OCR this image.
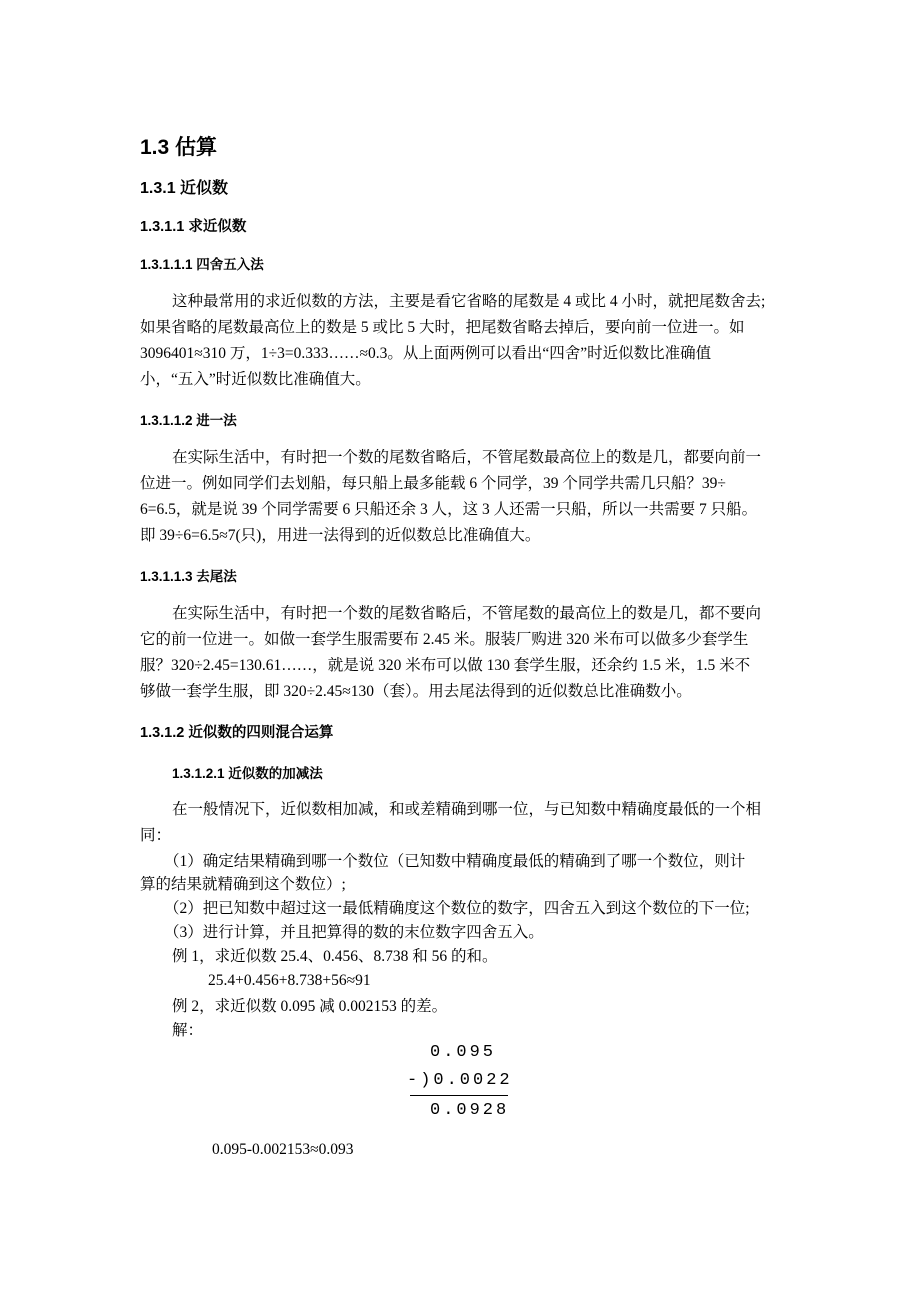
1.3 估算
1.3.1 近似数
1.3.1.1 求近似数
1.3.1.1.1 四舍五入法
这种最常用的求近似数的方法，主要是看它省略的尾数是 4 或比 4 小时，就把尾数舍去;
如果省略的尾数最高位上的数是 5 或比 5 大时，把尾数省略去掉后，要向前一位进一。如
3096401≈310 万，1÷3=0.333……≈0.3。从上面两例可以看出“四舍”时近似数比准确值
小，“五入”时近似数比准确值大。
1.3.1.1.2 进一法
在实际生活中，有时把一个数的尾数省略后，不管尾数最高位上的数是几，都要向前一
位进一。例如同学们去划船，每只船上最多能载 6 个同学，39 个同学共需几只船？39÷
6=6.5，就是说 39 个同学需要 6 只船还余 3 人，这 3 人还需一只船，所以一共需要 7 只船。
即 39÷6=6.5≈7(只)，用进一法得到的近似数总比准确值大。
1.3.1.1.3 去尾法
在实际生活中，有时把一个数的尾数省略后，不管尾数的最高位上的数是几，都不要向
它的前一位进一。如做一套学生服需要布 2.45 米。服装厂购进 320 米布可以做多少套学生
服？320÷2.45=130.61……，就是说 320 米布可以做 130 套学生服，还余约 1.5 米，1.5 米不
够做一套学生服，即 320÷2.45≈130（套）。用去尾法得到的近似数总比准确数小。
1.3.1.2 近似数的四则混合运算
1.3.1.2.1 近似数的加减法
在一般情况下，近似数相加减，和或差精确到哪一位，与已知数中精确度最低的一个相
同：
（1）确定结果精确到哪一个数位（已知数中精确度最低的精确到了哪一个数位，则计
算的结果就精确到这个数位）;
（2）把已知数中超过这一最低精确度这个数位的数字，四舍五入到这个数位的下一位;
（3）进行计算，并且把算得的数的末位数字四舍五入。
例 1，求近似数 25.4、0.456、8.738 和 56 的和。
25.4+0.456+8.738+56≈91
例 2，求近似数 0.095 减 0.002153 的差。
解：
0.095
-)0.0022
0.0928
0.095-0.002153≈0.093
